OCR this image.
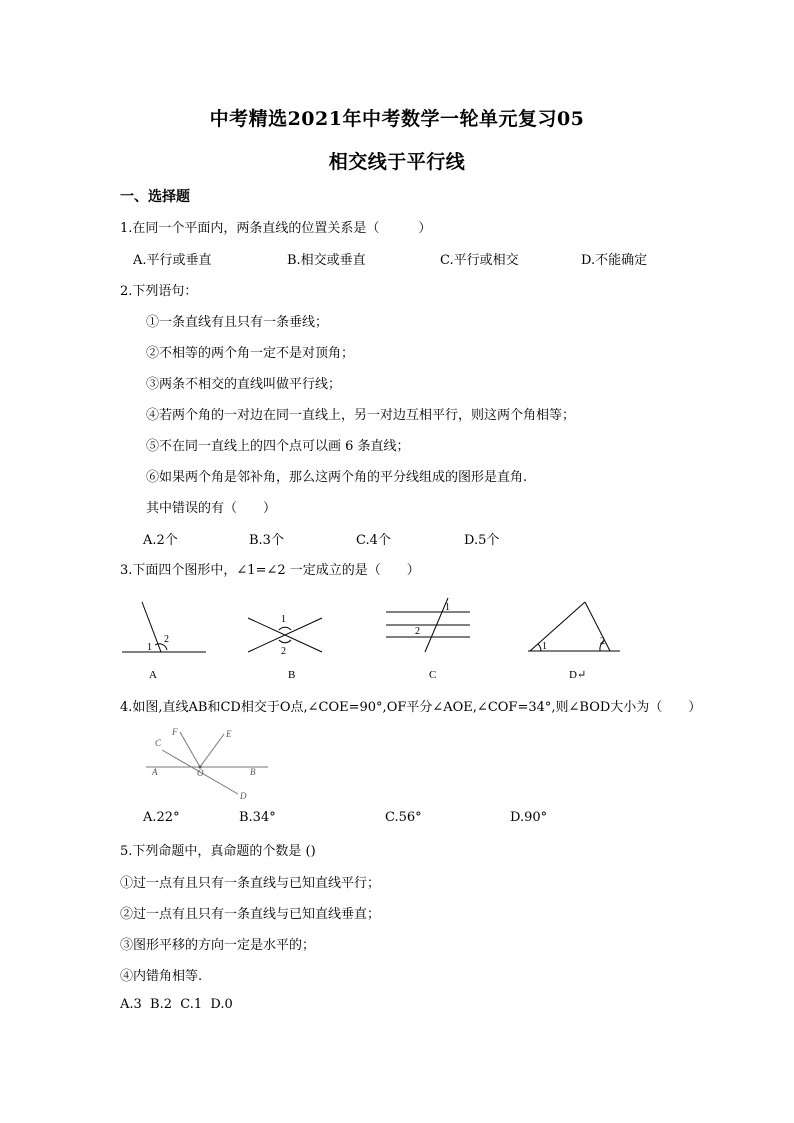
中考精选2021年中考数学一轮单元复习05
相交线于平行线
一、选择题
1.在同一个平面内，两条直线的位置关系是（　　　）
A.平行或垂直	B.相交或垂直	C.平行或相交	D.不能确定
2.下列语句：
①一条直线有且只有一条垂线；
②不相等的两个角一定不是对顶角；
③两条不相交的直线叫做平行线；
④若两个角的一对边在同一直线上，另一对边互相平行，则这两个角相等；
⑤不在同一直线上的四个点可以画 6 条直线；
⑥如果两个角是邻补角，那么这两个角的平分线组成的图形是直角.
其中错误的有（　　）
A.2个	B.3个	C.4个	D.5个
3.下面四个图形中，∠1=∠2 一定成立的是（　　）
1
2
A
1
2
B
1
2
C
1	2
D↵
4.如图,直线AB和CD相交于O点,∠COE=90°,OF平分∠AOE,∠COF=34°,则∠BOD大小为（　　）
F	E
C
A	O	B
D
A.22°	B.34°	C.56°	D.90°
5.下列命题中，真命题的个数是 ()
①过一点有且只有一条直线与已知直线平行；
②过一点有且只有一条直线与已知直线垂直；
③图形平移的方向一定是水平的；
④内错角相等.
A.3  B.2  C.1  D.0
